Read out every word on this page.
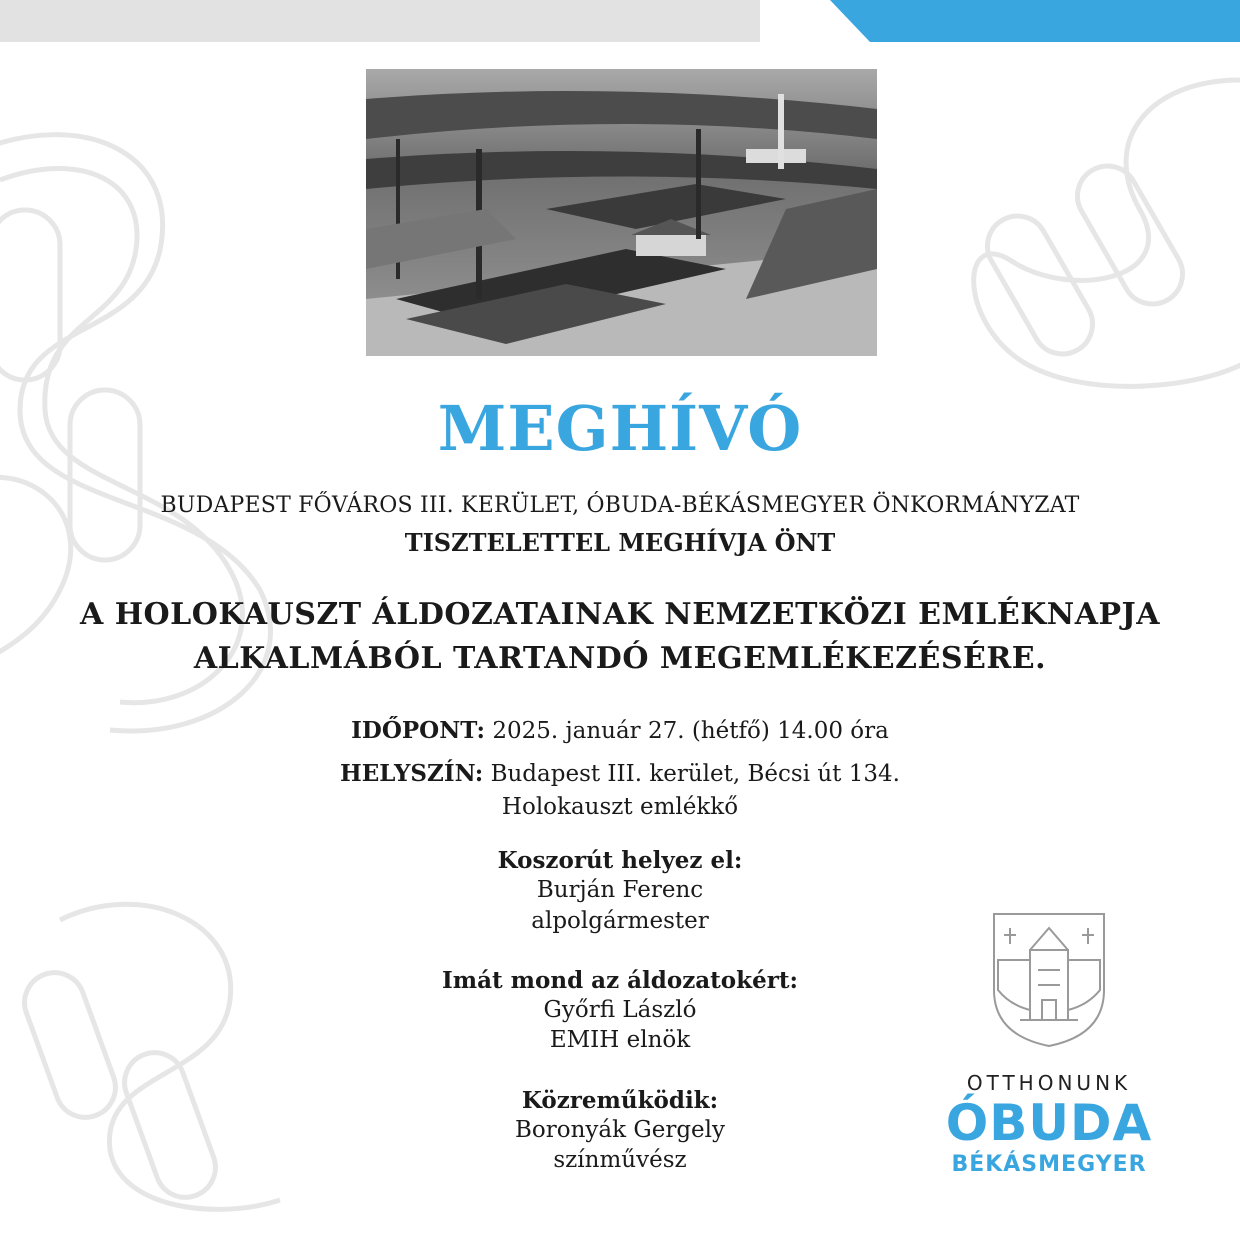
MEGHÍVÓ
BUDAPEST FŐVÁROS III. KERÜLET, ÓBUDA-BÉKÁSMEGYER ÖNKORMÁNYZAT
TISZTELETTEL MEGHÍVJA ÖNT
A HOLOKAUSZT ÁLDOZATAINAK NEMZETKÖZI EMLÉKNAPJA
ALKALMÁBÓL TARTANDÓ MEGEMLÉKEZÉSÉRE.
IDŐPONT: 2025. január 27. (hétfő) 14.00 óra
HELYSZÍN: Budapest III. kerület, Bécsi út 134.
Holokauszt emlékkő
Koszorút helyez el:
Burján Ferenc
alpolgármester
Imát mond az áldozatokért:
Győrfi László
EMIH elnök
Közreműködik:
Boronyák Gergely
színművész
OTTHONUNK
ÓBUDA
BÉKÁSMEGYER
